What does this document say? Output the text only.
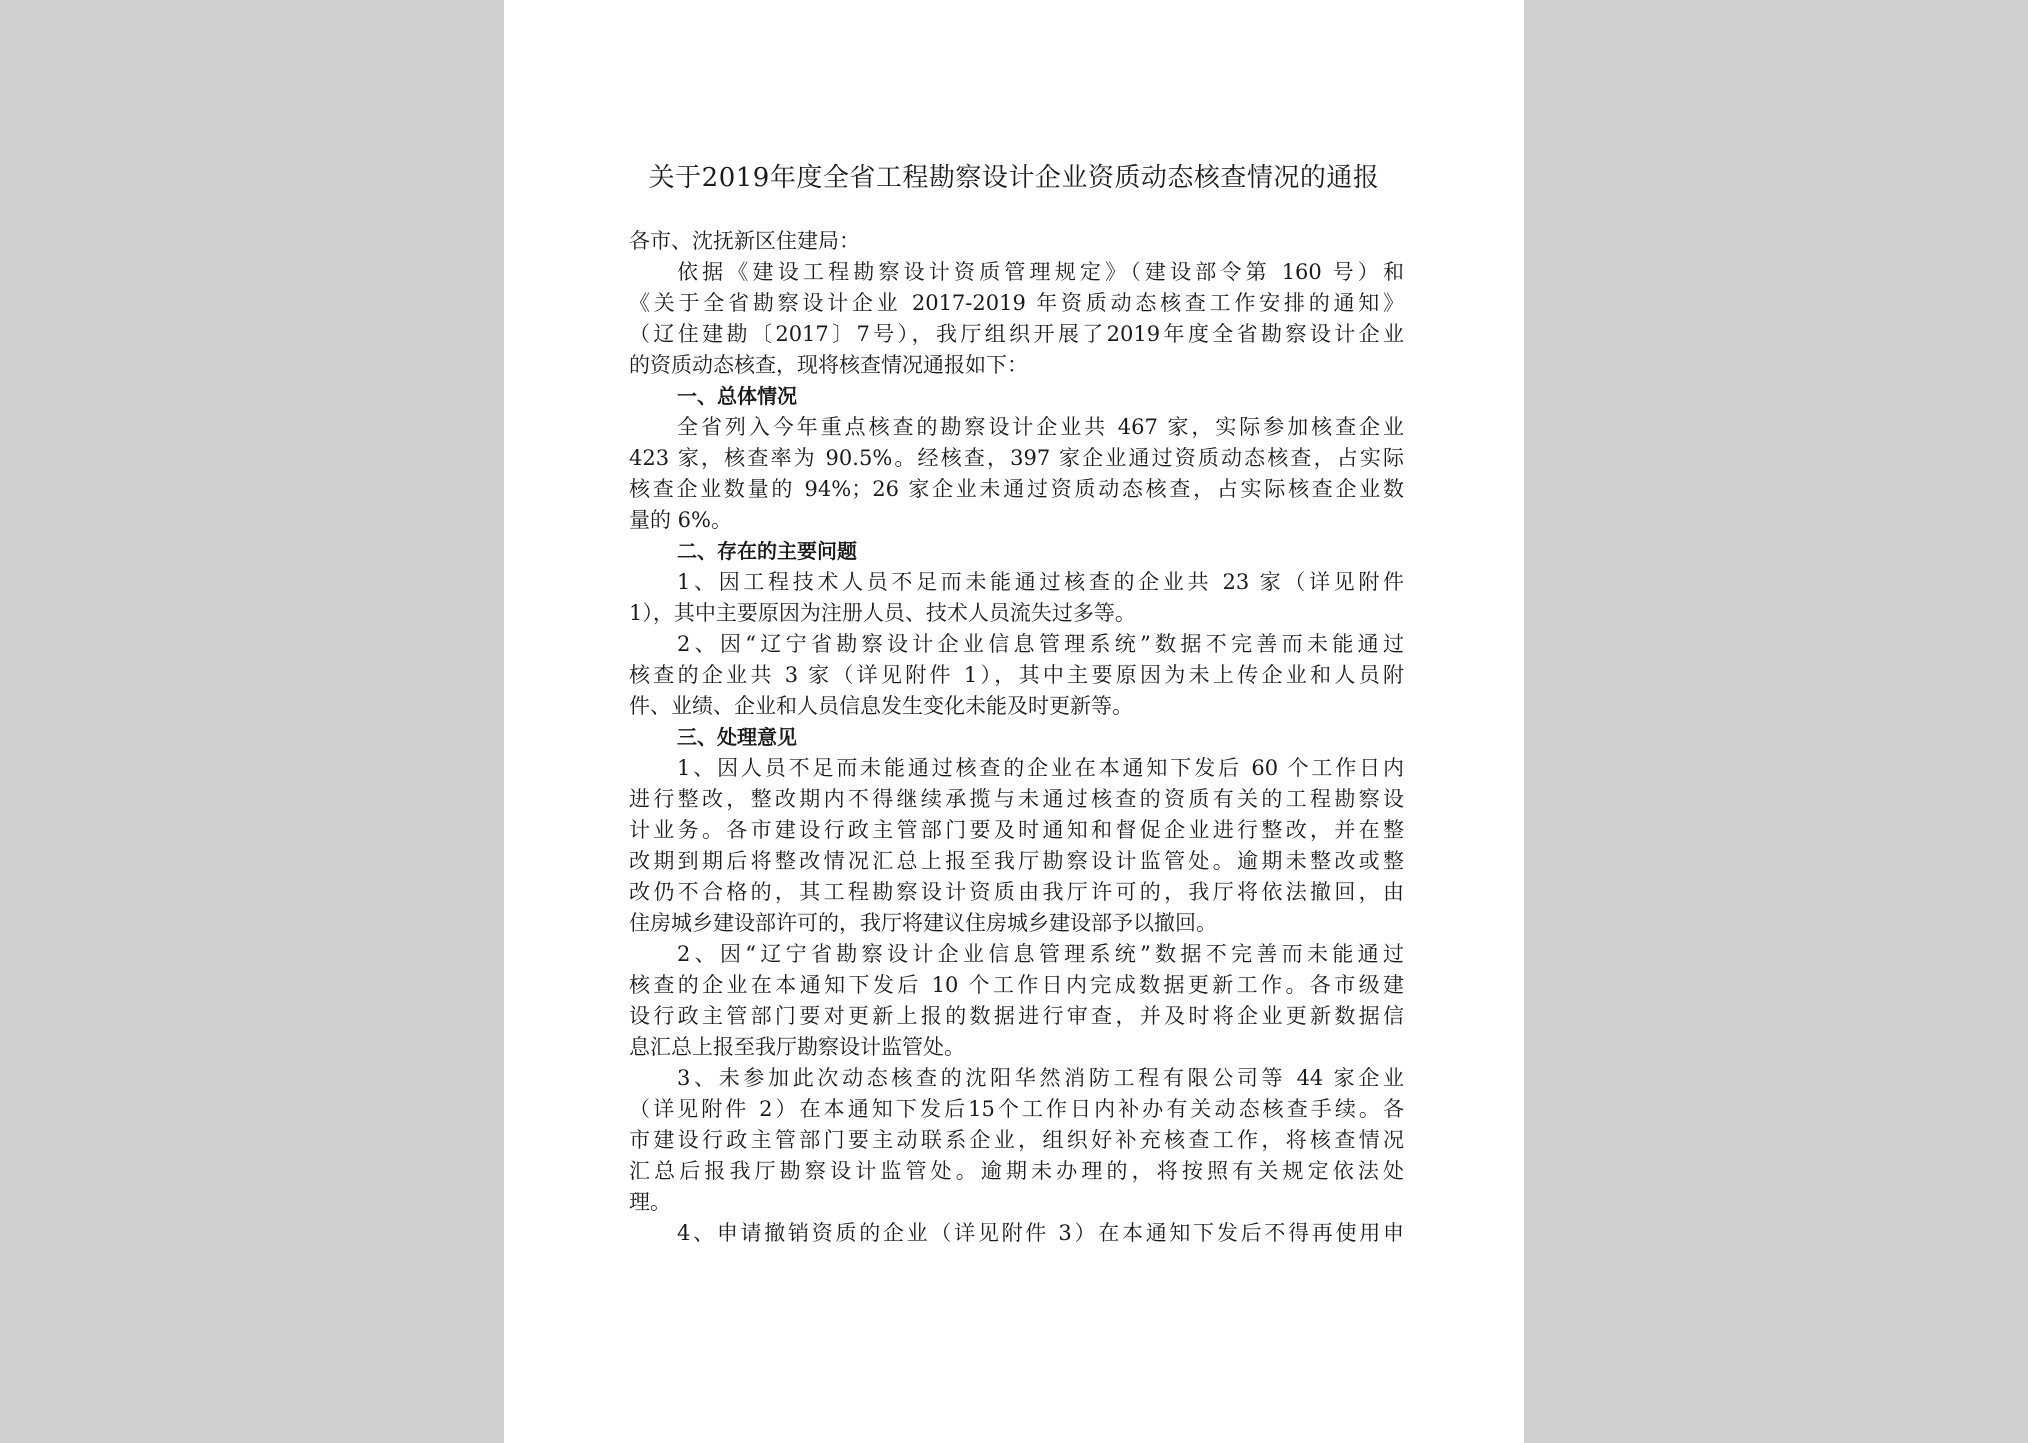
关于2019年度全省工程勘察设计企业资质动态核查情况的通报
各市、沈抚新区住建局：
依据《建设工程勘察设计资质管理规定》（建设部令第 160 号）和
《关于全省勘察设计企业 2017-2019 年资质动态核查工作安排的通知》
（辽住建勘〔2017〕7号），我厅组织开展了2019年度全省勘察设计企业
的资质动态核查，现将核查情况通报如下：
一、总体情况
全省列入今年重点核查的勘察设计企业共 467 家，实际参加核查企业
423 家，核查率为 90.5%。经核查，397 家企业通过资质动态核查，占实际
核查企业数量的 94%；26 家企业未通过资质动态核查，占实际核查企业数
量的 6%。
二、存在的主要问题
1、因工程技术人员不足而未能通过核查的企业共 23 家（详见附件
1），其中主要原因为注册人员、技术人员流失过多等。
2、因“辽宁省勘察设计企业信息管理系统”数据不完善而未能通过
核查的企业共 3 家（详见附件 1），其中主要原因为未上传企业和人员附
件、业绩、企业和人员信息发生变化未能及时更新等。
三、处理意见
1、因人员不足而未能通过核查的企业在本通知下发后 60 个工作日内
进行整改，整改期内不得继续承揽与未通过核查的资质有关的工程勘察设
计业务。各市建设行政主管部门要及时通知和督促企业进行整改，并在整
改期到期后将整改情况汇总上报至我厅勘察设计监管处。逾期未整改或整
改仍不合格的，其工程勘察设计资质由我厅许可的，我厅将依法撤回，由
住房城乡建设部许可的，我厅将建议住房城乡建设部予以撤回。
2、因“辽宁省勘察设计企业信息管理系统”数据不完善而未能通过
核查的企业在本通知下发后 10 个工作日内完成数据更新工作。各市级建
设行政主管部门要对更新上报的数据进行审查，并及时将企业更新数据信
息汇总上报至我厅勘察设计监管处。
3、未参加此次动态核查的沈阳华然消防工程有限公司等 44 家企业
（详见附件 2）在本通知下发后15个工作日内补办有关动态核查手续。各
市建设行政主管部门要主动联系企业，组织好补充核查工作，将核查情况
汇总后报我厅勘察设计监管处。逾期未办理的，将按照有关规定依法处
理。
4、申请撤销资质的企业（详见附件 3）在本通知下发后不得再使用申
